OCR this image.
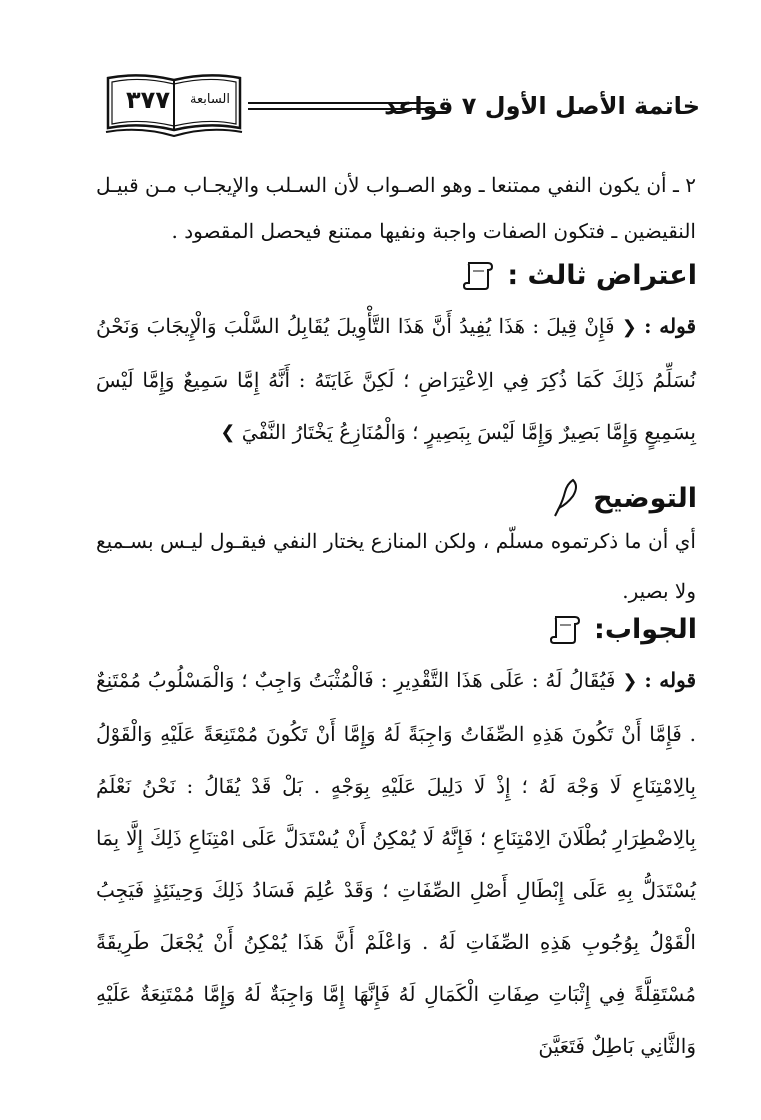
٣٧٧	السابعة	خاتمة الأصل الأول ٧ قواعد
٢ ـ أن يكون النفي ممتنعا ـ وهو الصـواب لأن السـلب والإيجـاب مـن قبيـل النقيضين ـ فتكون الصفات واجبة ونفيها ممتنع فيحصل المقصود .
اعتراض ثالث :
قوله : ❮ فَإِنْ قِيلَ : هَذَا يُفِيدُ أَنَّ هَذَا التَّأْوِيلَ يُقَابِلُ السَّلْبَ وَالْإِيجَابَ وَنَحْنُ نُسَلِّمُ ذَلِكَ كَمَا ذُكِرَ فِي الِاعْتِرَاضِ ؛ لَكِنَّ غَايَتَهُ : أَنَّهُ إِمَّا سَمِيعٌ وَإِمَّا لَيْسَ بِسَمِيعٍ وَإِمَّا بَصِيرٌ وَإِمَّا لَيْسَ بِبَصِيرٍ ؛ وَالْمُنَازِعُ يَخْتَارُ النَّفْيَ ❯
التوضيح
أي أن ما ذكرتموه مسلّم ، ولكن المنازع يختار النفي فيقـول ليـس بسـميع ولا بصير.
الجواب:
قوله : ❮ فَيُقَالُ لَهُ : عَلَى هَذَا التَّقْدِيرِ : فَالْمُثْبَتُ وَاجِبٌ ؛ وَالْمَسْلُوبُ مُمْتَنِعٌ . فَإِمَّا أَنْ تَكُونَ هَذِهِ الصِّفَاتُ وَاجِبَةً لَهُ وَإِمَّا أَنْ تَكُونَ مُمْتَنِعَةً عَلَيْهِ وَالْقَوْلُ بِالِامْتِنَاعِ لَا وَجْهَ لَهُ ؛ إِذْ لَا دَلِيلَ عَلَيْهِ بِوَجْهٍ . بَلْ قَدْ يُقَالُ : نَحْنُ نَعْلَمُ بِالِاضْطِرَارِ بُطْلَانَ الِامْتِنَاعِ ؛ فَإِنَّهُ لَا يُمْكِنُ أَنْ يُسْتَدَلَّ عَلَى امْتِنَاعِ ذَلِكَ إِلَّا بِمَا يُسْتَدَلُّ بِهِ عَلَى إِبْطَالِ أَصْلِ الصِّفَاتِ ؛ وَقَدْ عُلِمَ فَسَادُ ذَلِكَ وَحِينَئِذٍ فَيَجِبُ الْقَوْلُ بِوُجُوبِ هَذِهِ الصِّفَاتِ لَهُ . وَاعْلَمْ أَنَّ هَذَا يُمْكِنُ أَنْ يُجْعَلَ طَرِيقَةً مُسْتَقِلَّةً فِي إِثْبَاتِ صِفَاتِ الْكَمَالِ لَهُ فَإِنَّهَا إِمَّا وَاجِبَةٌ لَهُ وَإِمَّا مُمْتَنِعَةٌ عَلَيْهِ وَالثَّانِي بَاطِلٌ فَتَعَيَّنَ
